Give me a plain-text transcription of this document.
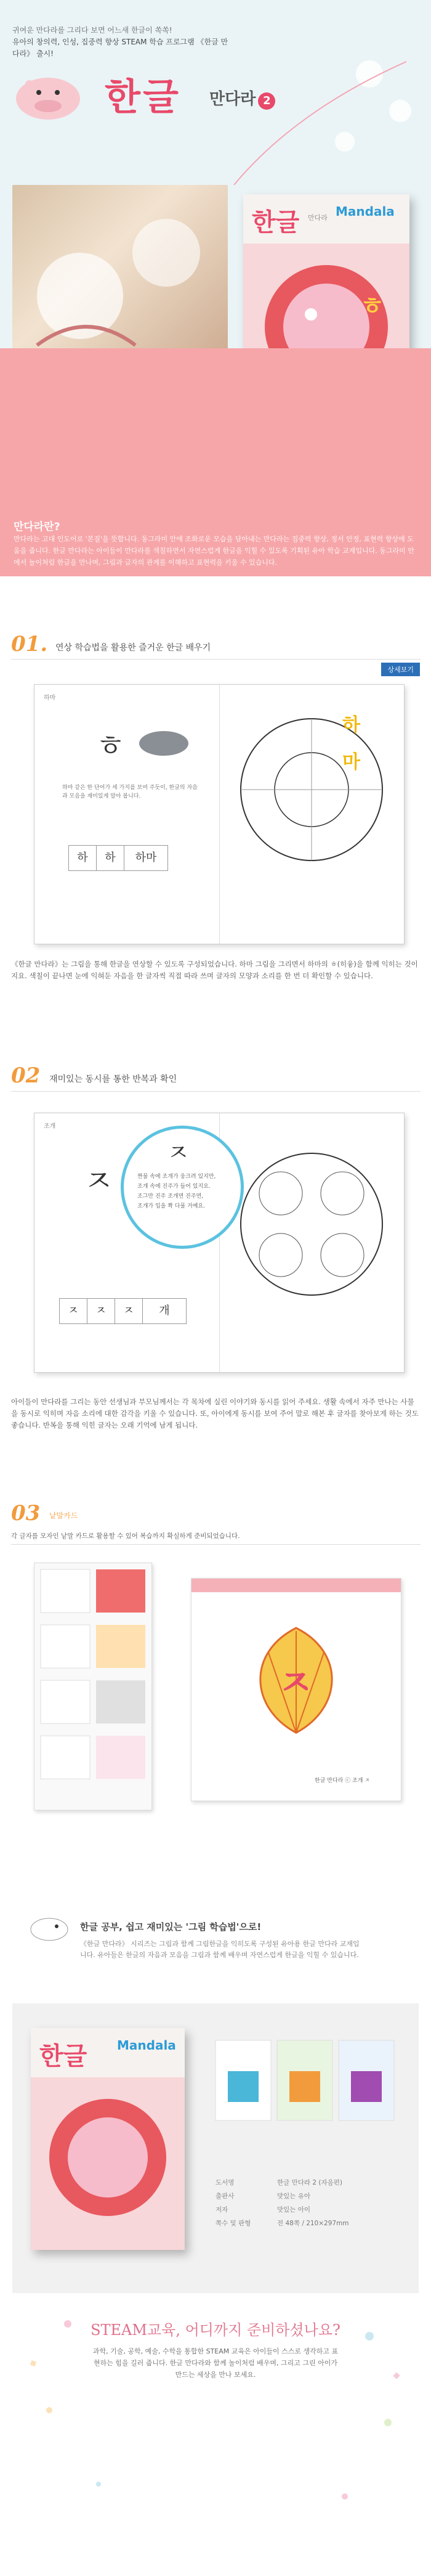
귀여운 만다라를 그리다 보면 어느새 한글이 쏙쏙!
유아의 창의력, 인성, 집중력 향상 STEAM 학습 프로그램 《한글 만다라》 출시!
한글 만다라 2
한글	Mandala
만다라
ㅎ
만다라란?
만다라는 고대 인도어로 '본질'을 뜻합니다. 동그라미 안에 조화로운 모습을 담아내는 만다라는 집중력 향상, 정서 안정, 표현력 향상에 도움을 줍니다. 한글 만다라는 아이들이 만다라를 색칠하면서 자연스럽게 한글을 익힐 수 있도록 기획된 유아 학습 교재입니다. 동그라미 안에서 놀이처럼 한글을 만나며, 그림과 글자의 관계를 이해하고 표현력을 키울 수 있습니다.
01. 연상 학습법을 활용한 즐거운 한글 배우기
상세보기
하마
ㅎ
하마 같은 한 단어가 세 가지를 보여 주듯이, 한글의 자음과 모음을 재미있게 알아 봅니다.
하 하 하마
하
마
《한글 만다라》는 그림을 통해 한글을 연상할 수 있도록 구성되었습니다. 하마 그림을 그리면서 하마의 ㅎ(히읗)을 함께 익히는 것이지요. 색칠이 끝나면 눈에 익혀둔 자음을 한 글자씩 직접 따라 쓰며 글자의 모양과 소리를 한 번 더 확인할 수 있습니다.
02 재미있는 동시를 통한 반복과 확인
조개
ㅈ
ㅈ
짠물 속에 조개가 웅크려 있지만,
조개 속에 진주가 들어 있지요.
조그만 진주 조개면 진주면,
조개가 입을 쫙 다물 거예요.
ㅈ ㅈ ㅈ 개
아이들이 만다라를 그리는 동안 선생님과 부모님께서는 각 목차에 실린 이야기와 동시를 읽어 주세요. 생활 속에서 자주 만나는 사물을 동시로 익히며 자음 소리에 대한 감각을 키울 수 있습니다. 또, 아이에게 동시를 보여 주어 말로 해본 후 글자를 찾아보게 하는 것도 좋습니다. 반복을 통해 익힌 글자는 오래 기억에 남게 됩니다.
03 낱말카드
각 글자를 모자인 낱말 카드로 활용할 수 있어 복습까지 확실하게 준비되었습니다.
ㅈ
한글 만다라 ⓒ 조개 ㅈ
한글 공부, 쉽고 재미있는 '그림 학습법'으로!
《한글 만다라》 시리즈는 그림과 함께 그림한글을 익히도록 구성된 유아용 한글 만다라 교재입니다. 유아들은 한글의 자음과 모음을 그림과 함께 배우며 자연스럽게 한글을 익힐 수 있습니다.
한글 Mandala
도서명	한글 만다라 2 (자음편)
출판사	맛있는 유아
저자	맛있는 아이
쪽수 및 판형	전 48쪽 / 210×297mm
STEAM교육, 어디까지 준비하셨나요?
과학, 기술, 공학, 예술, 수학을 통합한 STEAM 교육은 아이들이 스스로 생각하고 표현하는 힘을 길러 줍니다. 한글 만다라와 함께 놀이처럼 배우며, 그리고 그린 아이가 만드는 세상을 만나 보세요.
